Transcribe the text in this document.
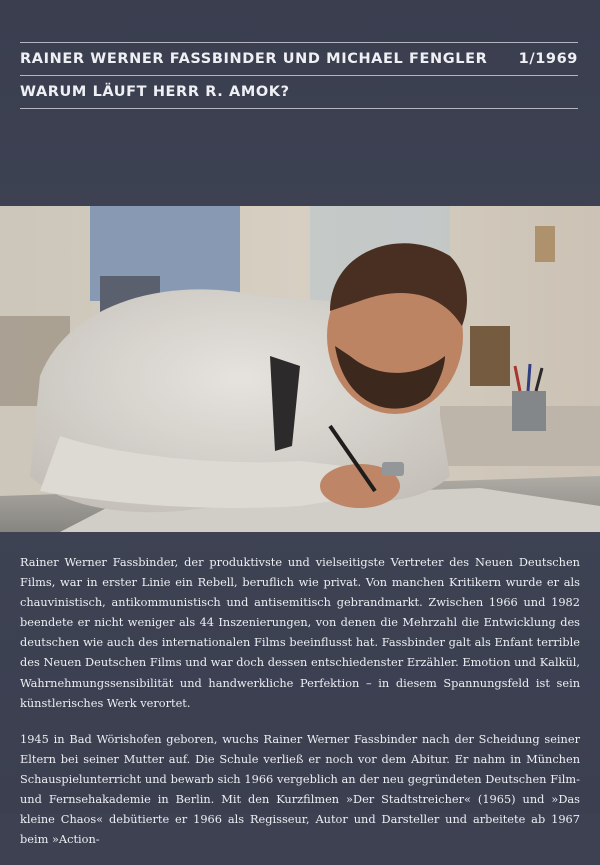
RAINER WERNER FASSBINDER UND MICHAEL FENGLER 1/1969
WARUM LÄUFT HERR R. AMOK?

Rainer Werner Fassbinder, der produktivste und vielseitigste Vertreter des Neuen Deutschen Films, war in erster Linie ein Rebell, beruflich wie privat. Von manchen Kritikern wurde er als chauvinistisch, antikommunistisch und antisemitisch gebrandmarkt. Zwischen 1966 und 1982 beendete er nicht weniger als 44 Inszenierungen, von denen die Mehrzahl die Entwicklung des deutschen wie auch des internationalen Films beeinflusst hat. Fassbinder galt als Enfant terrible des Neuen Deutschen Films und war doch dessen entschiedenster Erzähler. Emotion und Kalkül, Wahrnehmungssensibilität und handwerkliche Perfektion – in diesem Spannungsfeld ist sein künstlerisches Werk verortet.

1945 in Bad Wörishofen geboren, wuchs Rainer Werner Fassbinder nach der Scheidung seiner Eltern bei seiner Mutter auf. Die Schule verließ er noch vor dem Abitur. Er nahm in München Schauspielunterricht und bewarb sich 1966 vergeblich an der neu gegründeten Deutschen Film- und Fernsehakademie in Berlin. Mit den Kurzfilmen »Der Stadtstreicher« (1965) und »Das kleine Chaos« debütierte er 1966 als Regisseur, Autor und Darsteller und arbeitete ab 1967 beim »Action-
